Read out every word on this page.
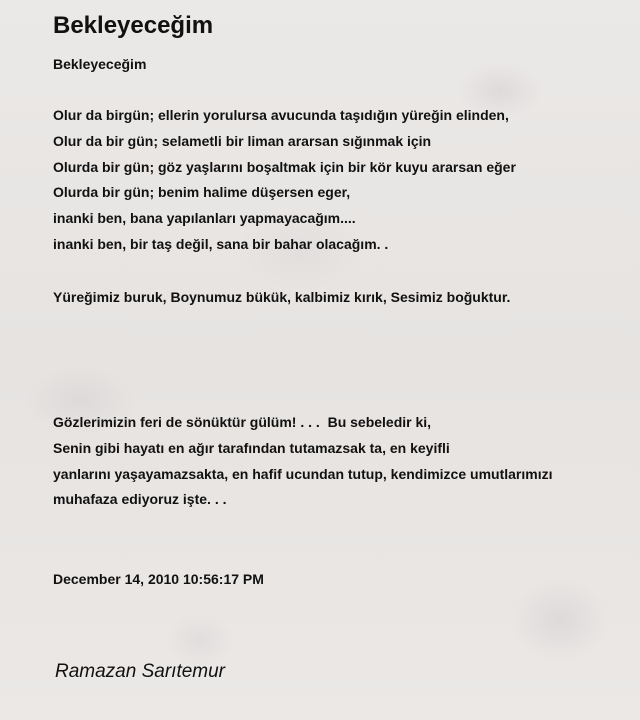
Bekleyeceğim
Bekleyeceğim
Olur da birgün; ellerin yorulursa avucunda taşıdığın yüreğin elinden,
Olur da bir gün; selametli bir liman ararsan sığınmak için
Olurda bir gün; göz yaşlarını boşaltmak için bir kör kuyu ararsan eğer
Olurda bir gün; benim halime düşersen eger,
inanki ben, bana yapılanları yapmayacağım....
inanki ben, bir taş değil, sana bir bahar olacağım. .
Yüreğimiz buruk, Boynumuz bükük, kalbimiz kırık, Sesimiz boğuktur.
Gözlerimizin feri de sönüktür gülüm! . . .  Bu sebeledir ki,
Senin gibi hayatı en ağır tarafından tutamazsak ta, en keyifli
yanlarını yaşayamazsakta, en hafif ucundan tutup, kendimizce umutlarımızı
muhafaza ediyoruz işte. . .
December 14, 2010 10:56:17 PM
Ramazan Sarıtemur
